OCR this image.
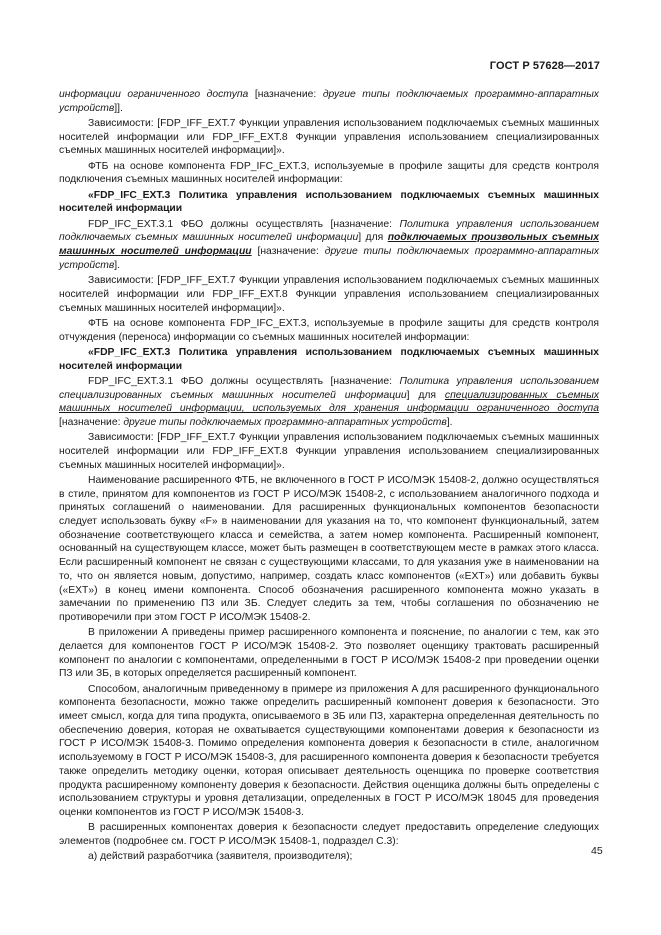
ГОСТ Р 57628—2017
информации ограниченного доступа [назначение: другие типы подключаемых программно-аппаратных устройств]].
Зависимости: [FDP_IFF_EXT.7 Функции управления использованием подключаемых съемных машинных носителей информации или FDP_IFF_EXT.8 Функции управления использованием специализированных съемных машинных носителей информации]».
ФТБ на основе компонента FDP_IFC_EXT.3, используемые в профиле защиты для средств контроля подключения съемных машинных носителей информации:
«FDP_IFC_EXT.3 Политика управления использованием подключаемых съемных машинных носителей информации
FDP_IFC_EXT.3.1 ФБО должны осуществлять [назначение: Политика управления использованием подключаемых съемных машинных носителей информации] для подключаемых произвольных съемных машинных носителей информации [назначение: другие типы подключаемых программно-аппаратных устройств].
Зависимости: [FDP_IFF_EXT.7 Функции управления использованием подключаемых съемных машинных носителей информации или FDP_IFF_EXT.8 Функции управления использованием специализированных съемных машинных носителей информации]».
ФТБ на основе компонента FDP_IFC_EXT.3, используемые в профиле защиты для средств контроля отчуждения (переноса) информации со съемных машинных носителей информации:
«FDP_IFC_EXT.3 Политика управления использованием подключаемых съемных машинных носителей информации
FDP_IFC_EXT.3.1 ФБО должны осуществлять [назначение: Политика управления использованием специализированных съемных машинных носителей информации] для специализированных съемных машинных носителей информации, используемых для хранения информации ограниченного доступа [назначение: другие типы подключаемых программно-аппаратных устройств].
Зависимости: [FDP_IFF_EXT.7 Функции управления использованием подключаемых съемных машинных носителей информации или FDP_IFF_EXT.8 Функции управления использованием специализированных съемных машинных носителей информации]».
Наименование расширенного ФТБ, не включенного в ГОСТ Р ИСО/МЭК 15408-2, должно осуществляться в стиле, принятом для компонентов из ГОСТ Р ИСО/МЭК 15408-2, с использованием аналогичного подхода и принятых соглашений о наименовании. Для расширенных функциональных компонентов безопасности следует использовать букву «F» в наименовании для указания на то, что компонент функциональный, затем обозначение соответствующего класса и семейства, а затем номер компонента. Расширенный компонент, основанный на существующем классе, может быть размещен в соответствующем месте в рамках этого класса. Если расширенный компонент не связан с существующими классами, то для указания уже в наименовании на то, что он является новым, допустимо, например, создать класс компонентов («EXT») или добавить буквы («EXT») в конец имени компонента. Способ обозначения расширенного компонента можно указать в замечании по применению ПЗ или ЗБ. Следует следить за тем, чтобы соглашения по обозначению не противоречили при этом ГОСТ Р ИСО/МЭК 15408-2.
В приложении А приведены пример расширенного компонента и пояснение, по аналогии с тем, как это делается для компонентов ГОСТ Р ИСО/МЭК 15408-2. Это позволяет оценщику трактовать расширенный компонент по аналогии с компонентами, определенными в ГОСТ Р ИСО/МЭК 15408-2 при проведении оценки ПЗ или ЗБ, в которых определяется расширенный компонент.
Способом, аналогичным приведенному в примере из приложения А для расширенного функционального компонента безопасности, можно также определить расширенный компонент доверия к безопасности. Это имеет смысл, когда для типа продукта, описываемого в ЗБ или ПЗ, характерна определенная деятельность по обеспечению доверия, которая не охватывается существующими компонентами доверия к безопасности из ГОСТ Р ИСО/МЭК 15408-3. Помимо определения компонента доверия к безопасности в стиле, аналогичном используемому в ГОСТ Р ИСО/МЭК 15408-3, для расширенного компонента доверия к безопасности требуется также определить методику оценки, которая описывает деятельность оценщика по проверке соответствия продукта расширенному компоненту доверия к безопасности. Действия оценщика должны быть определены с использованием структуры и уровня детализации, определенных в ГОСТ Р ИСО/МЭК 18045 для проведения оценки компонентов из ГОСТ Р ИСО/МЭК 15408-3.
В расширенных компонентах доверия к безопасности следует предоставить определение следующих элементов (подробнее см. ГОСТ Р ИСО/МЭК 15408-1, подраздел С.3):
а) действий разработчика (заявителя, производителя);	45
